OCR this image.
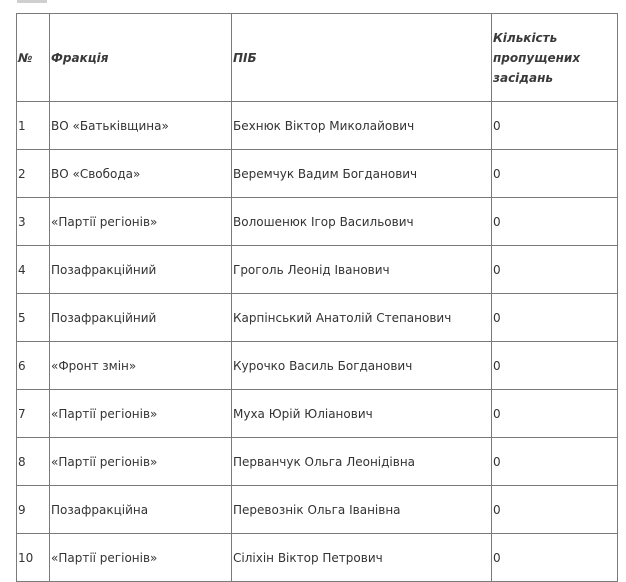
№	Фракція	ПІБ	Кількість пропущених засідань
1	ВО «Батьківщина»	Бехнюк Віктор Миколайович	0
2	ВО «Свобода»	Веремчук Вадим Богданович	0
3	«Партії регіонів»	Волошенюк Ігор Васильович	0
4	Позафракційний	Гроголь Леонід Іванович	0
5	Позафракційний	Карпінський Анатолій Степанович	0
6	«Фронт змін»	Курочко Василь Богданович	0
7	«Партії регіонів»	Муха Юрій Юліанович	0
8	«Партії регіонів»	Перванчук Ольга Леонідівна	0
9	Позафракційна	Перевознік Ольга Іванівна	0
10	«Партії регіонів»	Сіліхін Віктор Петрович	0
